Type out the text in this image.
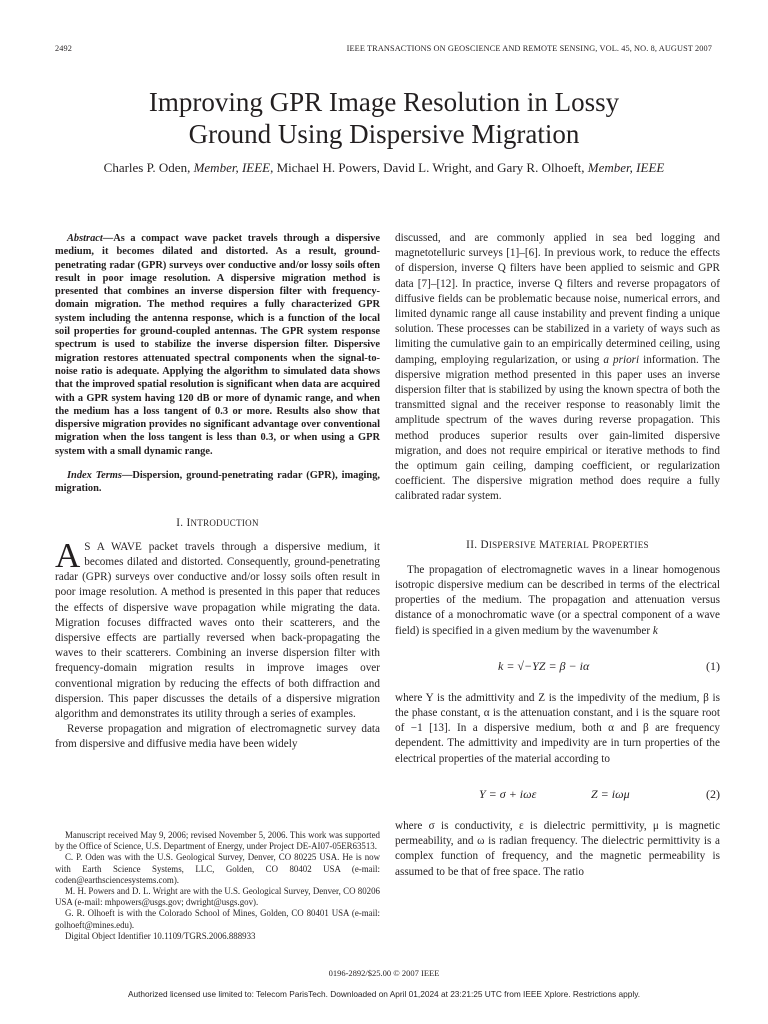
2492	IEEE TRANSACTIONS ON GEOSCIENCE AND REMOTE SENSING, VOL. 45, NO. 8, AUGUST 2007
Improving GPR Image Resolution in Lossy
Ground Using Dispersive Migration
Charles P. Oden, Member, IEEE, Michael H. Powers, David L. Wright, and Gary R. Olhoeft, Member, IEEE

Abstract—As a compact wave packet travels through a dispersive medium, it becomes dilated and distorted. As a result, ground-penetrating radar (GPR) surveys over conductive and/or lossy soils often result in poor image resolution. A dispersive migration method is presented that combines an inverse dispersion filter with frequency-domain migration. The method requires a fully characterized GPR system including the antenna response, which is a function of the local soil properties for ground-coupled antennas. The GPR system response spectrum is used to stabilize the inverse dispersion filter. Dispersive migration restores attenuated spectral components when the signal-to-noise ratio is adequate. Applying the algorithm to simulated data shows that the improved spatial resolution is significant when data are acquired with a GPR system having 120 dB or more of dynamic range, and when the medium has a loss tangent of 0.3 or more. Results also show that dispersive migration provides no significant advantage over conventional migration when the loss tangent is less than 0.3, or when using a GPR system with a small dynamic range.

Index Terms—Dispersion, ground-penetrating radar (GPR), imaging, migration.

I. INTRODUCTION

A S A WAVE packet travels through a dispersive medium, it becomes dilated and distorted. Consequently, ground-penetrating radar (GPR) surveys over conductive and/or lossy soils often result in poor image resolution. A method is presented in this paper that reduces the effects of dispersive wave propagation while migrating the data. Migration focuses diffracted waves onto their scatterers, and the dispersive effects are partially reversed when back-propagating the waves to their scatterers. Combining an inverse dispersion filter with frequency-domain migration results in improve images over conventional migration by reducing the effects of both diffraction and dispersion. This paper discusses the details of a dispersive migration algorithm and demonstrates its utility through a series of examples.

Reverse propagation and migration of electromagnetic survey data from dispersive and diffusive media have been widely

Manuscript received May 9, 2006; revised November 5, 2006. This work was supported by the Office of Science, U.S. Department of Energy, under Project DE-AI07-05ER63513.

C. P. Oden was with the U.S. Geological Survey, Denver, CO 80225 USA. He is now with Earth Science Systems, LLC, Golden, CO 80402 USA (e-mail: coden@earthsciencesystems.com).

M. H. Powers and D. L. Wright are with the U.S. Geological Survey, Denver, CO 80206 USA (e-mail: mhpowers@usgs.gov; dwright@usgs.gov).

G. R. Olhoeft is with the Colorado School of Mines, Golden, CO 80401 USA (e-mail: golhoeft@mines.edu).

Digital Object Identifier 10.1109/TGRS.2006.888933

discussed, and are commonly applied in sea bed logging and magnetotelluric surveys [1]–[6]. In previous work, to reduce the effects of dispersion, inverse Q filters have been applied to seismic and GPR data [7]–[12]. In practice, inverse Q filters and reverse propagators of diffusive fields can be problematic because noise, numerical errors, and limited dynamic range all cause instability and prevent finding a unique solution. These processes can be stabilized in a variety of ways such as limiting the cumulative gain to an empirically determined ceiling, using damping, employing regularization, or using a priori information. The dispersive migration method presented in this paper uses an inverse dispersion filter that is stabilized by using the known spectra of both the transmitted signal and the receiver response to reasonably limit the amplitude spectrum of the waves during reverse propagation. This method produces superior results over gain-limited dispersive migration, and does not require empirical or iterative methods to find the optimum gain ceiling, damping coefficient, or regularization coefficient. The dispersive migration method does require a fully calibrated radar system.

II. DISPERSIVE MATERIAL PROPERTIES

The propagation of electromagnetic waves in a linear homogenous isotropic dispersive medium can be described in terms of the electrical properties of the medium. The propagation and attenuation versus distance of a monochromatic wave (or a spectral component of a wave field) is specified in a given medium by the wavenumber k

k = √−YZ = β − iα	(1)

where Y is the admittivity and Z is the impedivity of the medium, β is the phase constant, α is the attenuation constant, and i is the square root of −1 [13]. In a dispersive medium, both α and β are frequency dependent. The admittivity and impedivity are in turn properties of the electrical properties of the material according to

Y = σ + iωε	Z = iωμ	(2)

where σ is conductivity, ε is dielectric permittivity, μ is magnetic permeability, and ω is radian frequency. The dielectric permittivity is a complex function of frequency, and the magnetic permeability is assumed to be that of free space. The ratio

0196-2892/$25.00 © 2007 IEEE
Authorized licensed use limited to: Telecom ParisTech. Downloaded on April 01,2024 at 23:21:25 UTC from IEEE Xplore. Restrictions apply.
